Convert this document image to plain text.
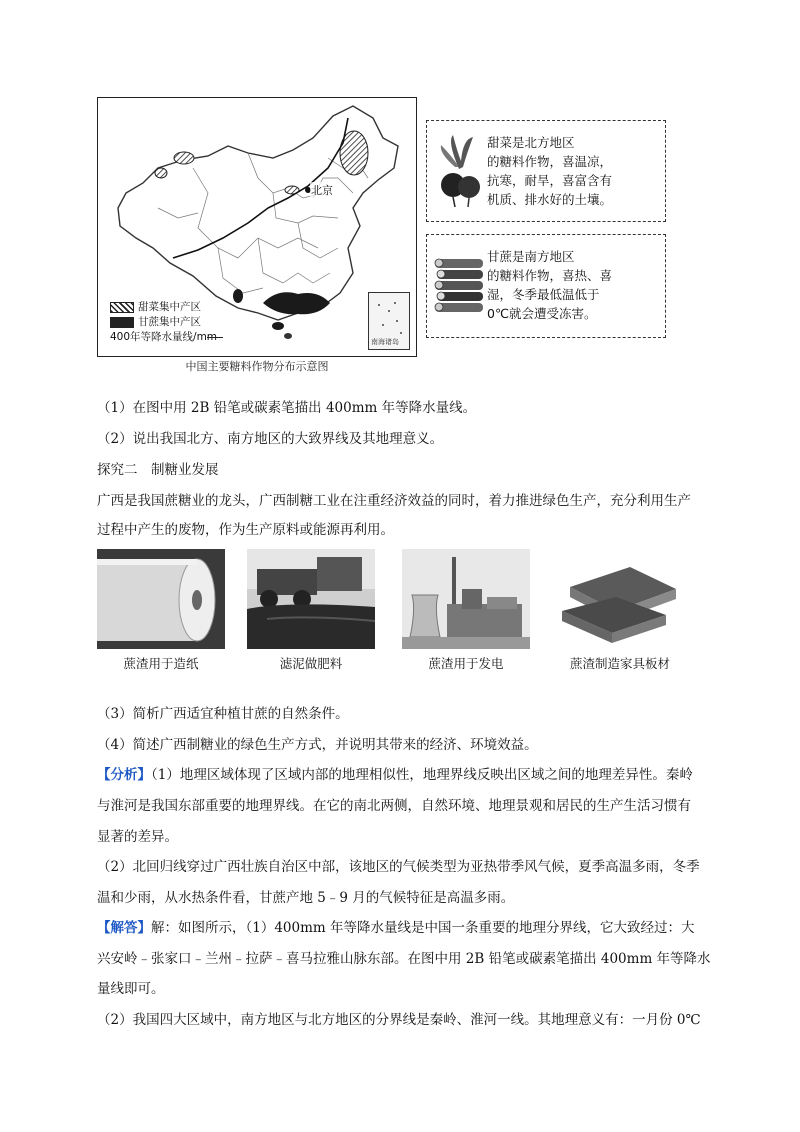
北京
甜菜集中产区
甘蔗集中产区
400年等降水量线/mm	南海诸岛
中国主要糖料作物分布示意图
甜菜是北方地区
的糖料作物，喜温凉，
抗寒，耐旱，喜富含有
机质、排水好的土壤。
甘蔗是南方地区
的糖料作物，喜热、喜
湿，冬季最低温低于
0℃就会遭受冻害。
（1）在图中用 2B 铅笔或碳素笔描出 400mm 年等降水量线。
（2）说出我国北方、南方地区的大致界线及其地理意义。
探究二　制糖业发展
广西是我国蔗糖业的龙头，广西制糖工业在注重经济效益的同时，着力推进绿色生产，充分利用生产
过程中产生的废物，作为生产原料或能源再利用。
蔗渣用于造纸	滤泥做肥料	蔗渣用于发电	蔗渣制造家具板材
（3）简析广西适宜种植甘蔗的自然条件。
（4）简述广西制糖业的绿色生产方式，并说明其带来的经济、环境效益。
【分析】（1）地理区域体现了区域内部的地理相似性，地理界线反映出区域之间的地理差异性。秦岭
与淮河是我国东部重要的地理界线。在它的南北两侧，自然环境、地理景观和居民的生产生活习惯有
显著的差异。
（2）北回归线穿过广西壮族自治区中部，该地区的气候类型为亚热带季风气候，夏季高温多雨，冬季
温和少雨，从水热条件看，甘蔗产地 5﹣9 月的气候特征是高温多雨。
【解答】解：如图所示，（1）400mm 年等降水量线是中国一条重要的地理分界线，它大致经过：大
兴安岭﹣张家口﹣兰州﹣拉萨﹣喜马拉雅山脉东部。在图中用 2B 铅笔或碳素笔描出 400mm 年等降水
量线即可。
（2）我国四大区域中，南方地区与北方地区的分界线是秦岭、淮河一线。其地理意义有：一月份 0℃
